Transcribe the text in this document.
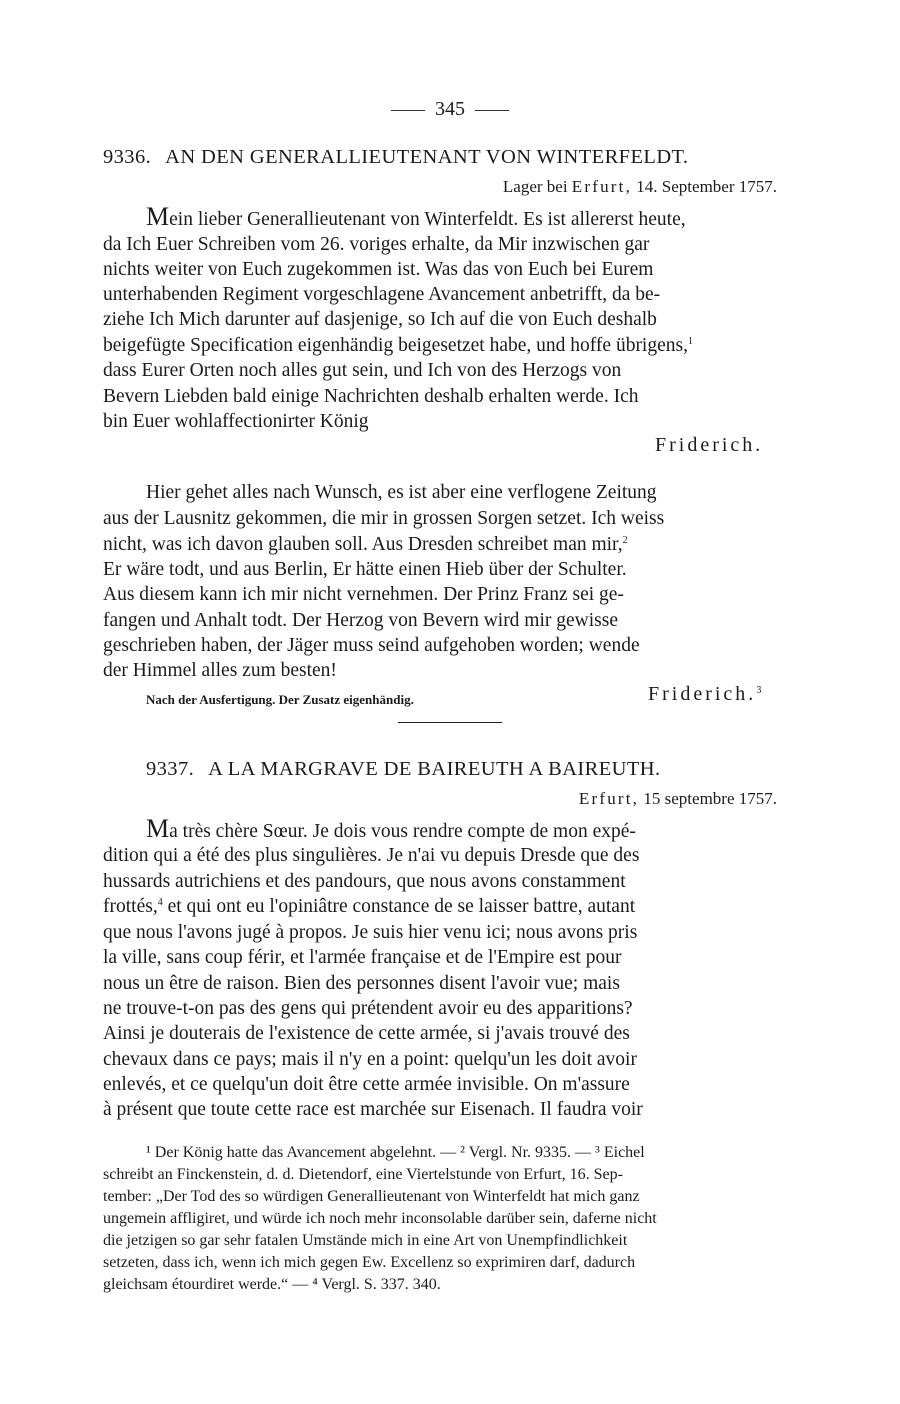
345
9336. AN DEN GENERALLIEUTENANT VON WINTERFELDT.
Lager bei Erfurt, 14. September 1757.
Mein lieber Generallieutenant von Winterfeldt. Es ist allererst heute,
da Ich Euer Schreiben vom 26. voriges erhalte, da Mir inzwischen gar
nichts weiter von Euch zugekommen ist. Was das von Euch bei Eurem
unterhabenden Regiment vorgeschlagene Avancement anbetrifft, da be-
ziehe Ich Mich darunter auf dasjenige, so Ich auf die von Euch deshalb
beigefügte Specification eigenhändig beigesetzet habe, und hoffe übrigens,$^1$
dass Eurer Orten noch alles gut sein, und Ich von des Herzogs von
Bevern Liebden bald einige Nachrichten deshalb erhalten werde. Ich
bin Euer wohlaffectionirter König
Friderich.
Hier gehet alles nach Wunsch, es ist aber eine verflogene Zeitung
aus der Lausnitz gekommen, die mir in grossen Sorgen setzet. Ich weiss
nicht, was ich davon glauben soll. Aus Dresden schreibet man mir,$^2$
Er wäre todt, und aus Berlin, Er hätte einen Hieb über der Schulter.
Aus diesem kann ich mir nicht vernehmen. Der Prinz Franz sei ge-
fangen und Anhalt todt. Der Herzog von Bevern wird mir gewisse
geschrieben haben, der Jäger muss seind aufgehoben worden; wende
der Himmel alles zum besten!
Nach der Ausfertigung. Der Zusatz eigenhändig.	Friderich.$^3$
9337. A LA MARGRAVE DE BAIREUTH A BAIREUTH.
Erfurt, 15 septembre 1757.
Ma très chère Sœur. Je dois vous rendre compte de mon expé-
dition qui a été des plus singulières. Je n'ai vu depuis Dresde que des
hussards autrichiens et des pandours, que nous avons constamment
frottés,$^4$ et qui ont eu l'opiniâtre constance de se laisser battre, autant
que nous l'avons jugé à propos. Je suis hier venu ici; nous avons pris
la ville, sans coup férir, et l'armée française et de l'Empire est pour
nous un être de raison. Bien des personnes disent l'avoir vue; mais
ne trouve-t-on pas des gens qui prétendent avoir eu des apparitions?
Ainsi je douterais de l'existence de cette armée, si j'avais trouvé des
chevaux dans ce pays; mais il n'y en a point: quelqu'un les doit avoir
enlevés, et ce quelqu'un doit être cette armée invisible. On m'assure
à présent que toute cette race est marchée sur Eisenach. Il faudra voir
¹ Der König hatte das Avancement abgelehnt. — ² Vergl. Nr. 9335. — ³ Eichel
schreibt an Finckenstein, d. d. Dietendorf, eine Viertelstunde von Erfurt, 16. Sep-
tember: „Der Tod des so würdigen Generallieutenant von Winterfeldt hat mich ganz
ungemein affligiret, und würde ich noch mehr inconsolable darüber sein, daferne nicht
die jetzigen so gar sehr fatalen Umstände mich in eine Art von Unempfindlichkeit
setzeten, dass ich, wenn ich mich gegen Ew. Excellenz so exprimiren darf, dadurch
gleichsam étourdiret werde.“ — ⁴ Vergl. S. 337. 340.
